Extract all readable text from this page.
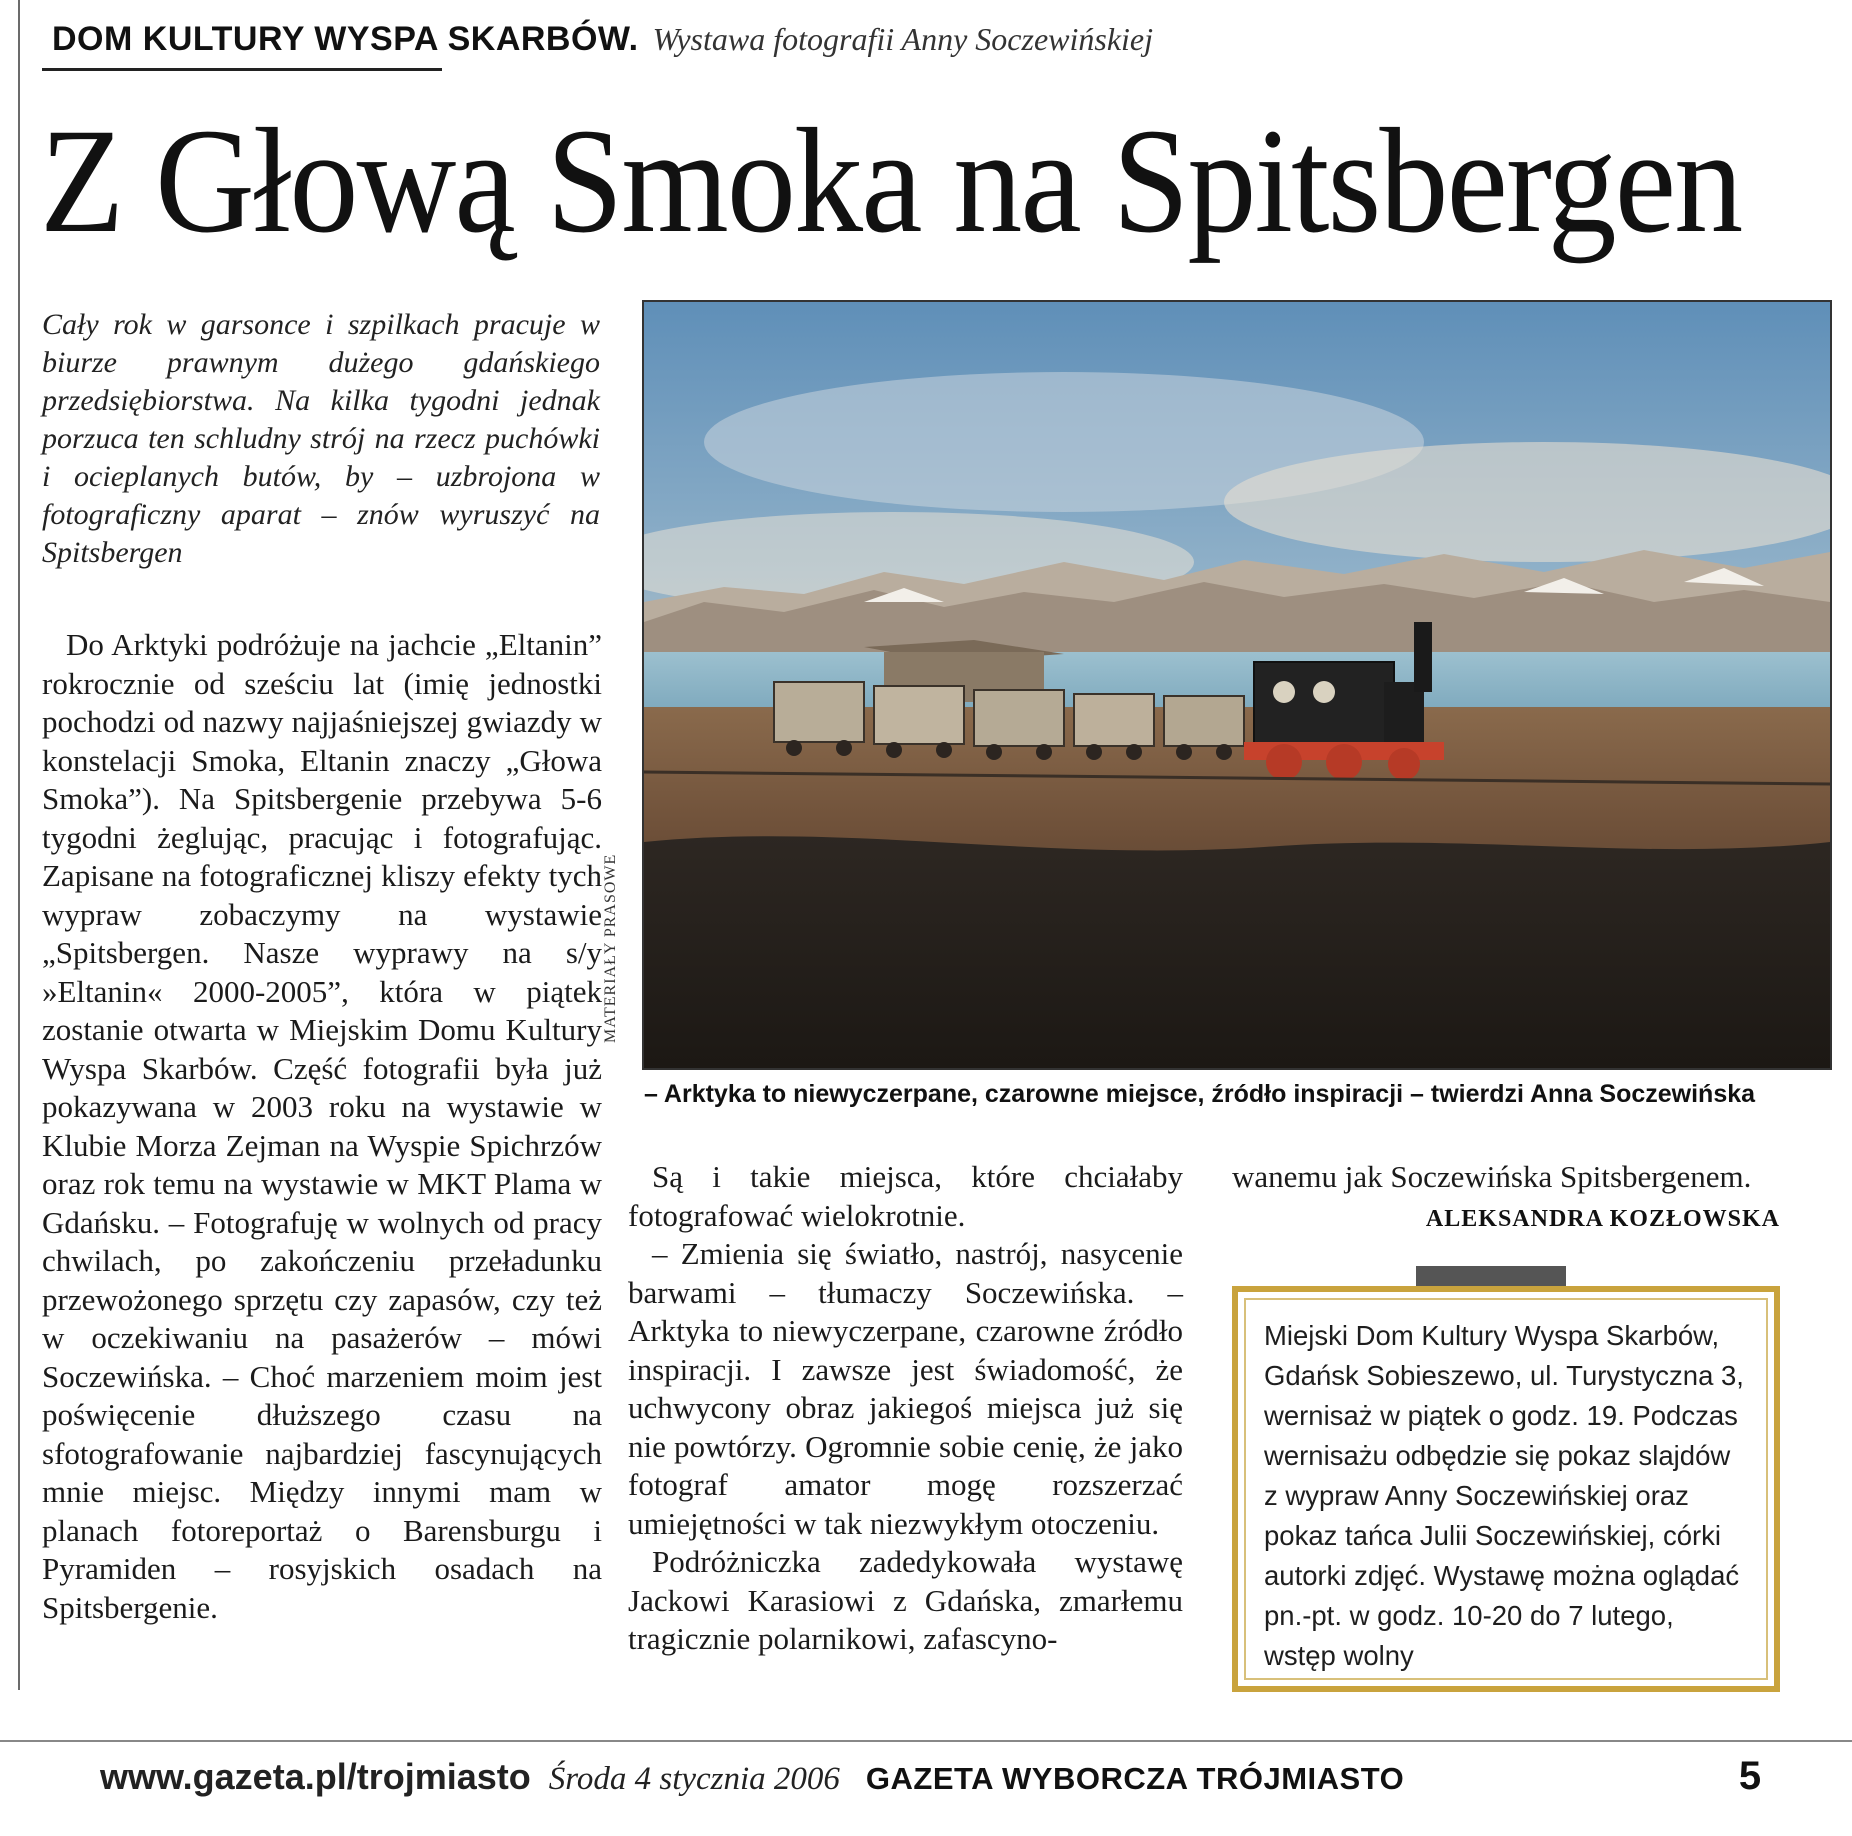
DOM KULTURY WYSPA SKARBÓW. Wystawa fotografii Anny Soczewińskiej
Z Głową Smoka na Spitsbergen
Cały rok w garsonce i szpilkach pracuje w biurze prawnym dużego gdańskiego przedsiębiorstwa. Na kilka tygodni jednak porzuca ten schludny strój na rzecz puchówki i ocieplanych butów, by – uzbrojona w fotograficzny aparat – znów wyruszyć na Spitsbergen

Do Arktyki podróżuje na jachcie „Eltanin” rokrocznie od sześciu lat (imię jednostki pochodzi od nazwy najjaśniejszej gwiazdy w konstelacji Smoka, Eltanin znaczy „Głowa Smoka”). Na Spitsbergenie przebywa 5-6 tygodni żeglując, pracując i fotografując. Zapisane na fotograficznej kliszy efekty tych wypraw zobaczymy na wystawie „Spitsbergen. Nasze wyprawy na s/y »Eltanin« 2000-2005”, która w piątek zostanie otwarta w Miejskim Domu Kultury Wyspa Skarbów. Część fotografii była już pokazywana w 2003 roku na wystawie w Klubie Morza Zejman na Wyspie Spichrzów oraz rok temu na wystawie w MKT Plama w Gdańsku. – Fotografuję w wolnych od pracy chwilach, po zakończeniu przeładunku przewożonego sprzętu czy zapasów, czy też w oczekiwaniu na pasażerów – mówi Soczewińska. – Choć marzeniem moim jest poświęcenie dłuższego czasu na sfotografowanie najbardziej fascynujących mnie miejsc. Między innymi mam w planach fotoreportaż o Barensburgu i Pyramiden – rosyjskich osadach na Spitsbergenie.

MATERIAŁY PRASOWE
– Arktyka to niewyczerpane, czarowne miejsce, źródło inspiracji – twierdzi Anna Soczewińska

Są i takie miejsca, które chciałaby fotografować wielokrotnie.

– Zmienia się światło, nastrój, nasycenie barwami – tłumaczy Soczewińska. – Arktyka to niewyczerpane, czarowne źródło inspiracji. I zawsze jest świadomość, że uchwycony obraz jakiegoś miejsca już się nie powtórzy. Ogromnie sobie cenię, że jako fotograf amator mogę rozszerzać umiejętności w tak niezwykłym otoczeniu.

Podróżniczka zadedykowała wystawę Jackowi Karasiowi z Gdańska, zmarłemu tragicznie polarnikowi, zafascyno-

wanemu jak Soczewińska Spitsbergenem.

ALEKSANDRA KOZŁOWSKA
Miejski Dom Kultury Wyspa Skarbów, Gdańsk Sobieszewo, ul. Turystyczna 3, wernisaż w piątek o godz. 19. Podczas wernisażu odbędzie się pokaz slajdów z wypraw Anny Soczewińskiej oraz pokaz tańca Julii Soczewińskiej, córki autorki zdjęć. Wystawę można oglądać pn.-pt. w godz. 10-20 do 7 lutego, wstęp wolny
www.gazeta.pl/trojmiasto Środa 4 stycznia 2006 GAZETA WYBORCZA TRÓJMIASTO	5
